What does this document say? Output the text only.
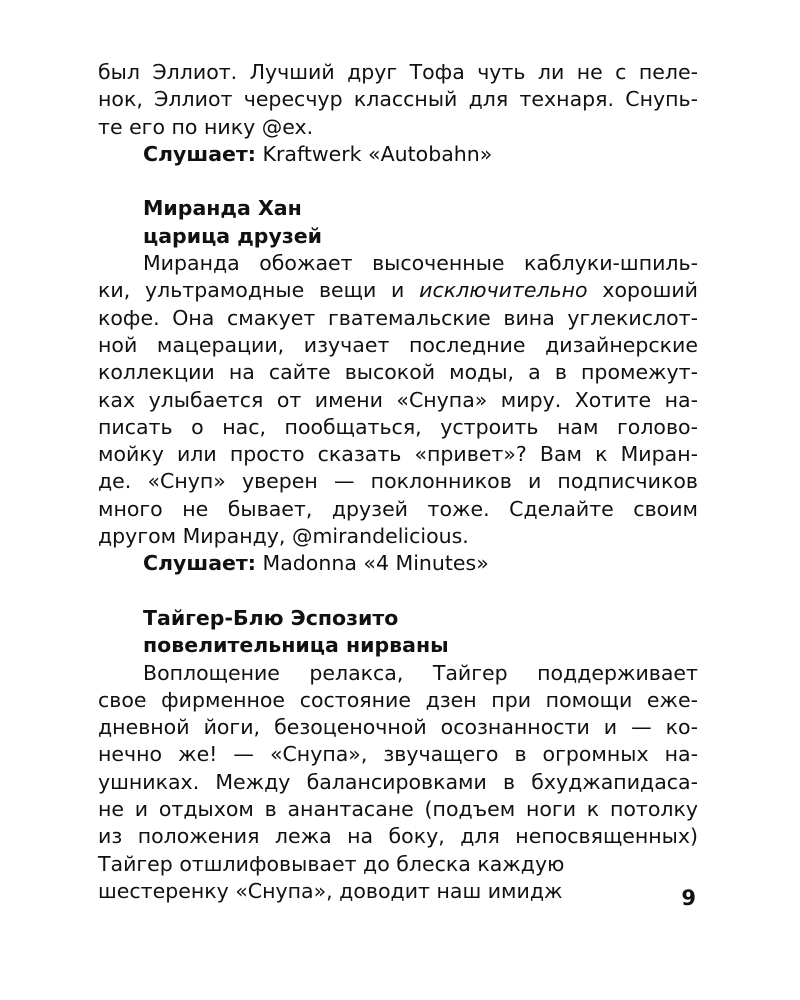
был Эллиот. Лучший друг Тофа чуть ли не с пеле-
нок, Эллиот чересчур классный для технаря. Снупь-
те его по нику @ex.
Слушает: Kraftwerk «Autobahn»
Миранда Хан
царица друзей
Миранда обожает высоченные каблуки-шпиль-
ки, ультрамодные вещи и исключительно хороший
кофе. Она смакует гватемальские вина углекислот-
ной мацерации, изучает последние дизайнерские
коллекции на сайте высокой моды, а в промежут-
ках улыбается от имени «Снупа» миру. Хотите на-
писать о нас, пообщаться, устроить нам голово-
мойку или просто сказать «привет»? Вам к Миран-
де. «Снуп» уверен — поклонников и подписчиков
много не бывает, друзей тоже. Сделайте своим
другом Миранду, @mirandelicious.
Слушает: Madonna «4 Minutes»
Тайгер-Блю Эспозито
повелительница нирваны
Воплощение релакса, Тайгер поддерживает
свое фирменное состояние дзен при помощи еже-
дневной йоги, безоценочной осознанности и — ко-
нечно же! — «Снупа», звучащего в огромных на-
ушниках. Между балансировками в бхуджапидаса-
не и отдыхом в анантасане (подъем ноги к потолку
из положения лежа на боку, для непосвященных)
Тайгер отшлифовывает до блеска каждую
шестеренку «Снупа», доводит наш имидж	9
